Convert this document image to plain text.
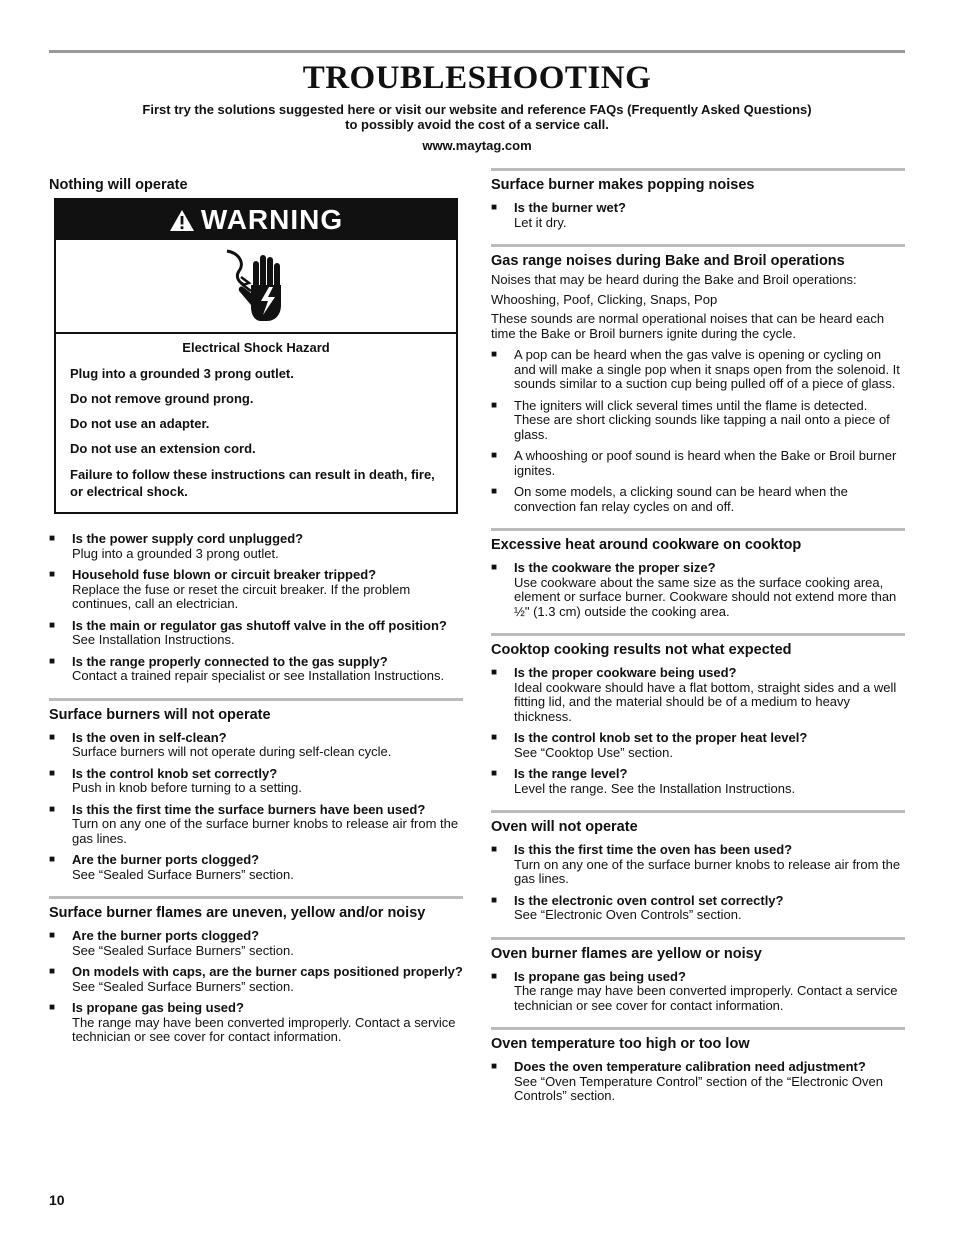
TROUBLESHOOTING
First try the solutions suggested here or visit our website and reference FAQs (Frequently Asked Questions)
to possibly avoid the cost of a service call.
www.maytag.com
Nothing will operate
WARNING

Electrical Shock Hazard

Plug into a grounded 3 prong outlet.

Do not remove ground prong.

Do not use an adapter.

Do not use an extension cord.

Failure to follow these instructions can result in death, fire, or electrical shock.

■	Is the power supply cord unplugged?
Plug into a grounded 3 prong outlet.
■	Household fuse blown or circuit breaker tripped?
Replace the fuse or reset the circuit breaker. If the problem continues, call an electrician.
■	Is the main or regulator gas shutoff valve in the off position?
See Installation Instructions.
■	Is the range properly connected to the gas supply?
Contact a trained repair specialist or see Installation Instructions.
Surface burners will not operate
■	Is the oven in self-clean?
Surface burners will not operate during self-clean cycle.
■	Is the control knob set correctly?
Push in knob before turning to a setting.
■	Is this the first time the surface burners have been used?
Turn on any one of the surface burner knobs to release air from the gas lines.
■	Are the burner ports clogged?
See “Sealed Surface Burners” section.
Surface burner flames are uneven, yellow and/or noisy
■	Are the burner ports clogged?
See “Sealed Surface Burners” section.
■	On models with caps, are the burner caps positioned properly?
See “Sealed Surface Burners” section.
■	Is propane gas being used?
The range may have been converted improperly. Contact a service technician or see cover for contact information.
Surface burner makes popping noises
■	Is the burner wet?
Let it dry.
Gas range noises during Bake and Broil operations

Noises that may be heard during the Bake and Broil operations:

Whooshing, Poof, Clicking, Snaps, Pop

These sounds are normal operational noises that can be heard each time the Bake or Broil burners ignite during the cycle.

■	A pop can be heard when the gas valve is opening or cycling on and will make a single pop when it snaps open from the solenoid. It sounds similar to a suction cup being pulled off of a piece of glass.
■	The igniters will click several times until the flame is detected. These are short clicking sounds like tapping a nail onto a piece of glass.
■	A whooshing or poof sound is heard when the Bake or Broil burner ignites.
■	On some models, a clicking sound can be heard when the convection fan relay cycles on and off.
Excessive heat around cookware on cooktop
■	Is the cookware the proper size?
Use cookware about the same size as the surface cooking area, element or surface burner. Cookware should not extend more than ½" (1.3 cm) outside the cooking area.
Cooktop cooking results not what expected
■	Is the proper cookware being used?
Ideal cookware should have a flat bottom, straight sides and a well fitting lid, and the material should be of a medium to heavy thickness.
■	Is the control knob set to the proper heat level?
See “Cooktop Use” section.
■	Is the range level?
Level the range. See the Installation Instructions.
Oven will not operate
■	Is this the first time the oven has been used?
Turn on any one of the surface burner knobs to release air from the gas lines.
■	Is the electronic oven control set correctly?
See “Electronic Oven Controls” section.
Oven burner flames are yellow or noisy
■	Is propane gas being used?
The range may have been converted improperly. Contact a service technician or see cover for contact information.
Oven temperature too high or too low
■	Does the oven temperature calibration need adjustment?
See “Oven Temperature Control” section of the “Electronic Oven Controls” section.
10
